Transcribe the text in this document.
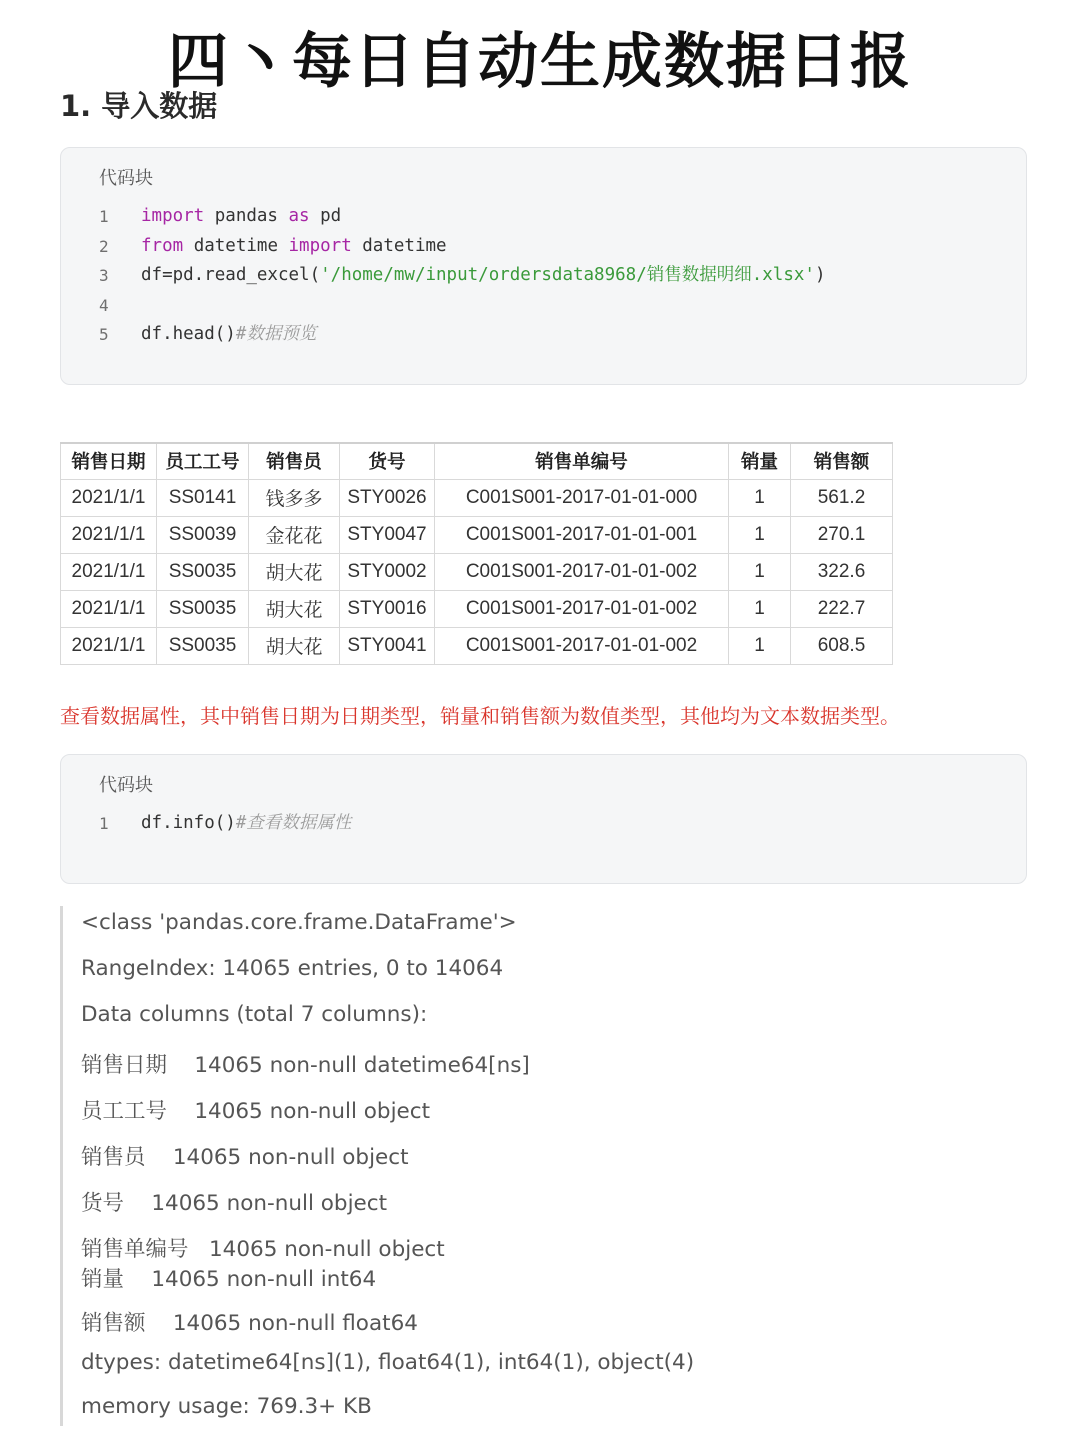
四丶每日自动生成数据日报
1. 导入数据
代码块
1 import pandas as pd
2 from datetime import datetime
3 df=pd.read_excel('/home/mw/input/ordersdata8968/销售数据明细.xlsx')
4
5 df.head()#数据预览
销售日期	员工工号	销售员	货号	销售单编号	销量	销售额
2021/1/1	SS0141	钱多多	STY0026	C001S001-2017-01-01-000	1	561.2
2021/1/1	SS0039	金花花	STY0047	C001S001-2017-01-01-001	1	270.1
2021/1/1	SS0035	胡大花	STY0002	C001S001-2017-01-01-002	1	322.6
2021/1/1	SS0035	胡大花	STY0016	C001S001-2017-01-01-002	1	222.7
2021/1/1	SS0035	胡大花	STY0041	C001S001-2017-01-01-002	1	608.5

查看数据属性，其中销售日期为日期类型，销量和销售额为数值类型，其他均为文本数据类型。

代码块
1 df.info()#查看数据属性
<class 'pandas.core.frame.DataFrame'>
RangeIndex: 14065 entries, 0 to 14064
Data columns (total 7 columns):
销售日期    14065 non-null datetime64[ns]
员工工号    14065 non-null object
销售员    14065 non-null object
货号    14065 non-null object
销售单编号   14065 non-null object
销量    14065 non-null int64
销售额    14065 non-null float64
dtypes: datetime64[ns](1), float64(1), int64(1), object(4)
memory usage: 769.3+ KB
